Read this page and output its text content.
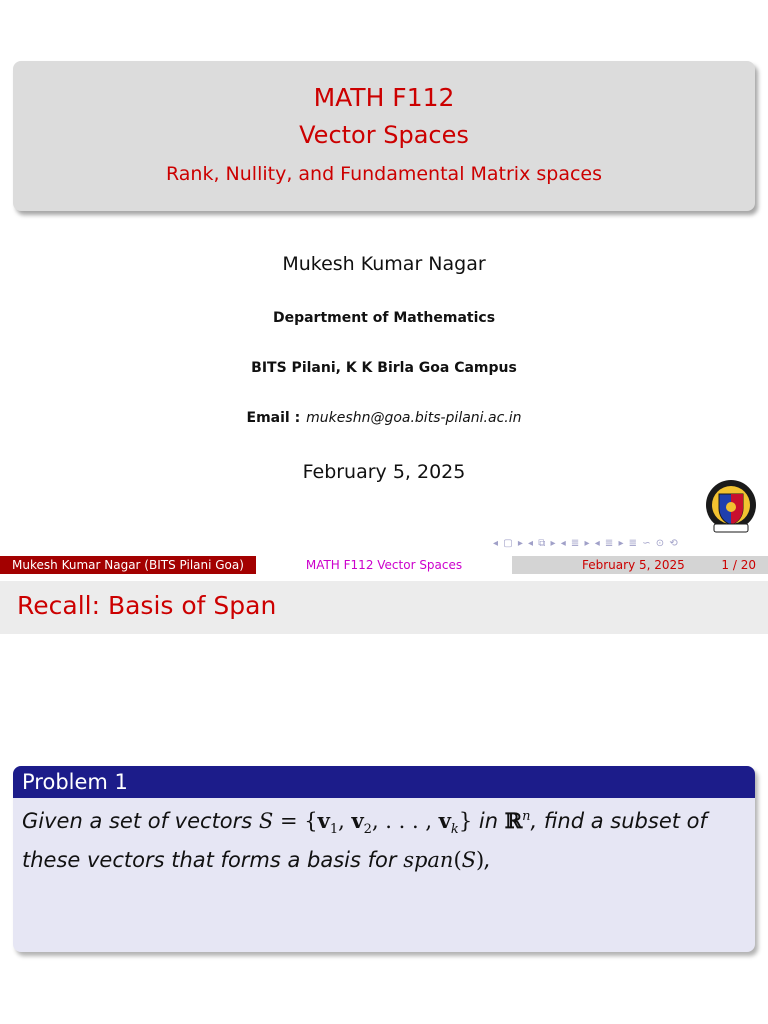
MATH F112
Vector Spaces
Rank, Nullity, and Fundamental Matrix spaces
Mukesh Kumar Nagar
Department of Mathematics
BITS Pilani, K K Birla Goa Campus
Email : mukeshn@goa.bits-pilani.ac.in
February 5, 2025
◂ ▢ ▸ ◂ ⧉ ▸ ◂ ≣ ▸ ◂ ≣ ▸ ≣ ∽ ⊙ ⟲
Mukesh Kumar Nagar (BITS Pilani Goa)	MATH F112 Vector Spaces	February 5, 2025	1 / 20
Recall: Basis of Span
Problem 1
Given a set of vectors $S = \{v_1$, $v_2$, . . . , $v_k$} in ℝ$^n$, find a subset of
these vectors that forms a basis for span(S),
